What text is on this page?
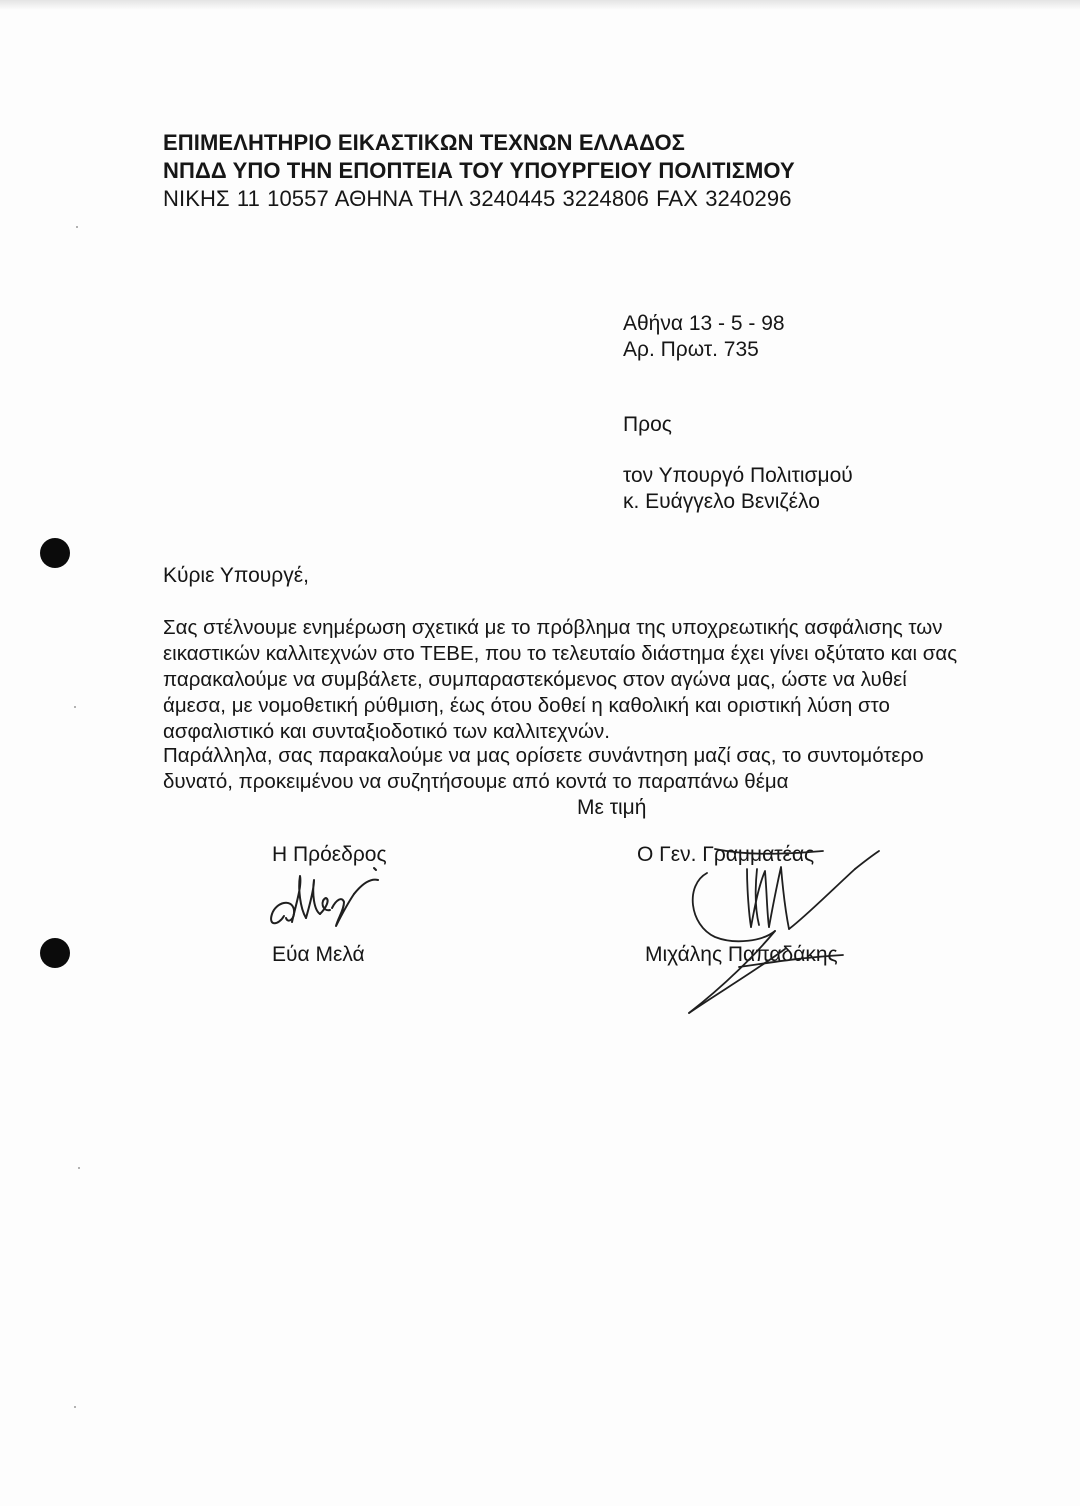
ΕΠΙΜΕΛΗΤΗΡΙΟ ΕΙΚΑΣΤΙΚΩΝ ΤΕΧΝΩΝ ΕΛΛΑΔΟΣ
ΝΠΔΔ ΥΠΟ ΤΗΝ ΕΠΟΠΤΕΙΑ ΤΟΥ ΥΠΟΥΡΓΕΙΟΥ ΠΟΛΙΤΙΣΜΟΥ
ΝΙΚΗΣ 11 10557 ΑΘΗΝΑ ΤΗΛ 3240445 3224806 FAX 3240296
Αθήνα 13 - 5 - 98
Αρ. Πρωτ. 735
Προς
τον Υπουργό Πολιτισμού
κ. Ευάγγελο Βενιζέλο
Κύριε Υπουργέ,
Σας στέλνουμε ενημέρωση σχετικά με το πρόβλημα της υποχρεωτικής ασφάλισης των
εικαστικών καλλιτεχνών στο ΤΕΒΕ, που το τελευταίο διάστημα έχει γίνει οξύτατο και σας
παρακαλούμε να συμβάλετε, συμπαραστεκόμενος στον αγώνα μας, ώστε να λυθεί
άμεσα, με νομοθετική ρύθμιση, έως ότου δοθεί η καθολική και οριστική λύση στο
ασφαλιστικό και συνταξιοδοτικό των καλλιτεχνών.
Παράλληλα, σας παρακαλούμε να μας ορίσετε συνάντηση μαζί σας, το συντομότερο
δυνατό, προκειμένου να συζητήσουμε από κοντά το παραπάνω θέμα
Με τιμή
Η Πρόεδρος
Εύα Μελά
Ο Γεν. Γραμματέας
Μιχάλης Παπαδάκης
